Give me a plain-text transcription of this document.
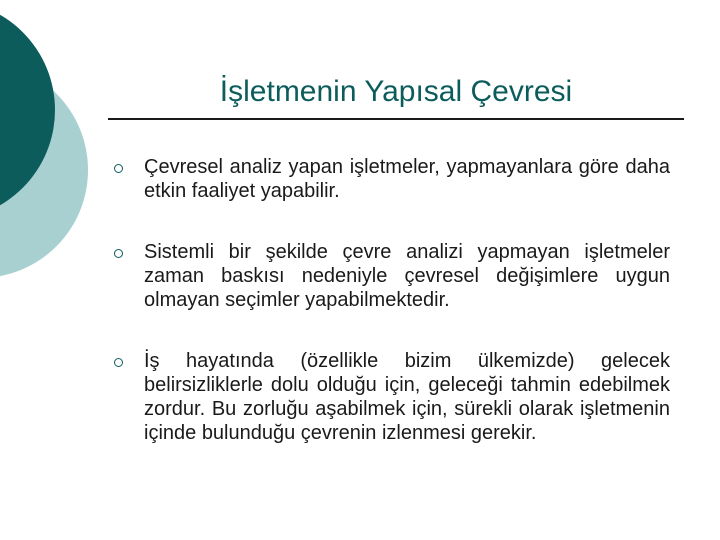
İşletmenin Yapısal Çevresi
Çevresel analiz yapan işletmeler, yapmayanlara göre daha etkin faaliyet yapabilir.
Sistemli bir şekilde çevre analizi yapmayan işletmeler zaman baskısı nedeniyle çevresel değişimlere uygun olmayan seçimler yapabilmektedir.
İş hayatında (özellikle bizim ülkemizde) gelecek belirsizliklerle dolu olduğu için, geleceği tahmin edebilmek zordur. Bu zorluğu aşabilmek için, sürekli olarak işletmenin içinde bulunduğu çevrenin izlenmesi gerekir.
